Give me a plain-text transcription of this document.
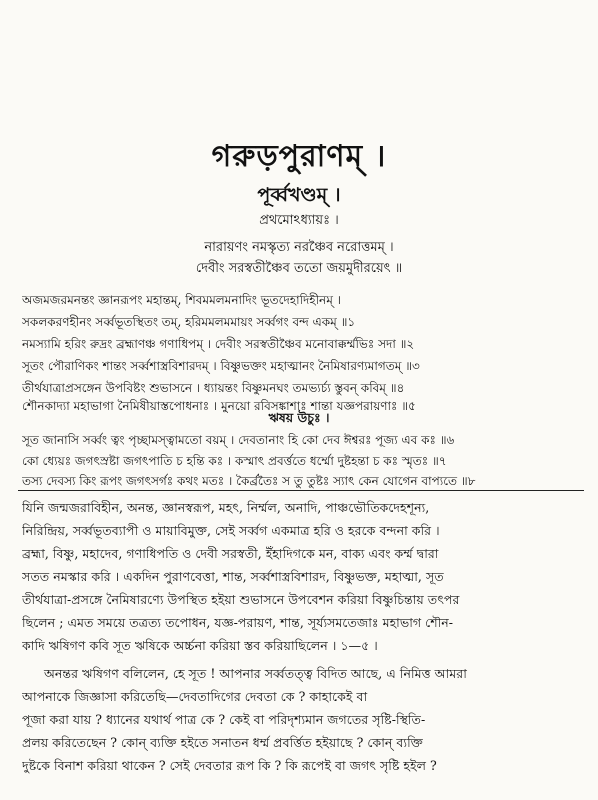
গরুড়পুরাণম্ ।
পূর্ব্বখণ্ডম্ ।
প্রথমোঽধ্যায়ঃ ।
নারায়ণং নমস্কৃত্য নরঞ্চৈব নরোত্তমম্ ।
দেবীং সরস্বতীঞ্চৈব ততো জয়মুদীরয়েৎ ॥
অজমজরমনন্তং জ্ঞানরূপং মহান্তম্, শিবমমলমনাদিং ভূতদেহাদিহীনম্ ।
সকলকরণহীনং সর্ব্বভূতস্থিতং তম্, হরিমমলমমায়ং সর্ব্বগং বন্দ একম্ ॥১
নমস্যামি হরিং রুদ্রং ব্রহ্মাণঞ্চ গণাধিপম্ । দেবীং সরস্বতীঞ্চৈব মনোবাক্কর্ম্মভিঃ সদা ॥২
সূতং পৌরাণিকং শান্তং সর্ব্বশাস্ত্রবিশারদম্ । বিষ্ণুভক্তং মহাত্মানং নৈমিষারণ্যমাগতম্ ॥৩
তীর্থযাত্রাপ্রসঙ্গেন উপবিষ্টং শুভাসনে । ধ্যায়ন্তং বিষ্ণুমনঘং তমভ্যর্চ্য স্তুবন্ কবিম্ ॥৪
শৌনকাদ্যা মহাভাগা নৈমিষীয়াস্তপোধনাঃ । মুনয়ো রবিসঙ্কাশাঃ শান্তা যজ্ঞপরায়ণাঃ ॥৫
ঋষয় উচুঃ ।
সূত জানাসি সর্ব্বং ত্বং পৃচ্ছামস্ত্বামতো বয়ম্ । দেবতানাং হি কো দেব ঈশ্বরঃ পূজ্য এব কঃ ॥৬
কো ধ্যেয়ঃ জগৎস্রষ্টা জগৎপাতি চ হন্তি কঃ । কস্মাৎ প্রবর্ত্ততে ধর্ম্মো দুষ্টহন্তা চ কঃ স্মৃতঃ ॥৭
তস্য দেবস্য কিং রূপং জগৎসর্গঃ কথং মতঃ । কৈর্ব্রতৈঃ স তু তুষ্টঃ স্যাৎ কেন যোগেন বাপ্যতে ॥৮
যিনি জন্মজরাবিহীন, অনন্ত, জ্ঞানস্বরূপ, মহৎ, নির্ম্মল, অনাদি, পাঞ্চভৌতিকদেহশূন্য,
নিরিন্দ্রিয়, সর্ব্বভূতব্যাপী ও মায়াবিমুক্ত, সেই সর্ব্বগ একমাত্র হরি ও হরকে বন্দনা করি ।
ব্রহ্মা, বিষ্ণু, মহাদেব, গণাধিপতি ও দেবী সরস্বতী, ইঁহাদিগকে মন, বাক্য এবং কর্ম্ম দ্বারা
সতত নমস্কার করি । একদিন পুরাণবেত্তা, শান্ত, সর্ব্বশাস্ত্রবিশারদ, বিষ্ণুভক্ত, মহাত্মা, সূত
তীর্থযাত্রা-প্রসঙ্গে নৈমিষারণ্যে উপস্থিত হইয়া শুভাসনে উপবেশন করিয়া বিষ্ণুচিন্তায় তৎপর
ছিলেন ; এমত সময়ে তত্রত্য তপোধন, যজ্ঞ-পরায়ণ, শান্ত, সূর্য্যসমতেজাঃ মহাভাগ শৌন-
কাদি ঋষিগণ কবি সূত ঋষিকে অর্চ্চনা করিয়া স্তব করিয়াছিলেন । ১—৫ ।
অনন্তর ঋষিগণ বলিলেন, হে সূত ! আপনার সর্ব্বতত্ত্ব বিদিত আছে, এ নিমিত্ত আমরা
আপনাকে জিজ্ঞাসা করিতেছি—দেবতাদিগের দেবতা কে ? কাহাকেই বা
পূজা করা যায় ? ধ্যানের যথার্থ পাত্র কে ? কেই বা পরিদৃশ্যমান জগতের সৃষ্টি-স্থিতি-
প্রলয় করিতেছেন ? কোন্ ব্যক্তি হইতে সনাতন ধর্ম্ম প্রবর্ত্তিত হইয়াছে ? কোন্ ব্যক্তি
দুষ্টকে বিনাশ করিয়া থাকেন ? সেই দেবতার রূপ কি ? কি রূপেই বা জগৎ সৃষ্টি হইল ?
